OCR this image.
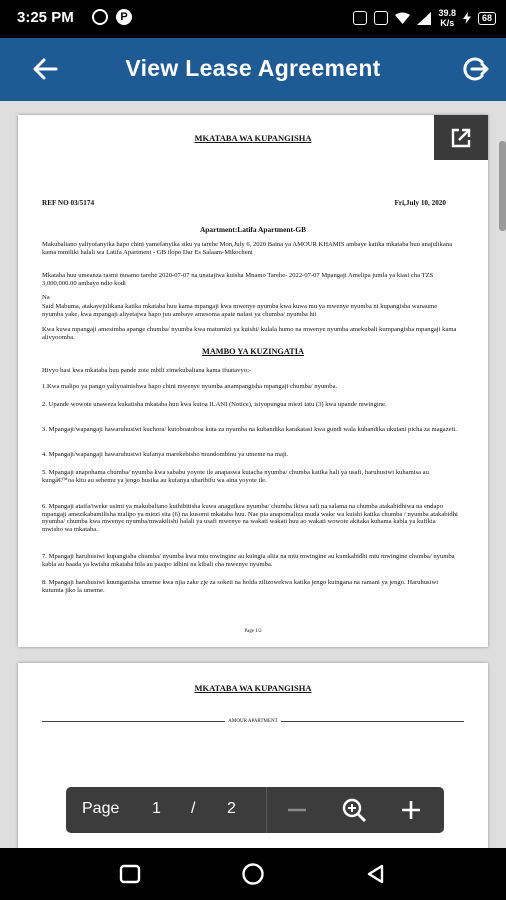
3:25 PM	P	39.8
K/s
68
View Lease Agreement
MKATABA WA KUPANGISHA
REF NO 03/5174	Fri,July 10, 2020
Apartment:Latifa Apartment-GB

Makubaliano yaliyofanyika hapo chini yamefanyika siku ya tarehe Mon,July 6, 2020 Baina ya AMOUR KHAMIS ambaye katika mkataba huu anajulikana kama mmiliki halali wa Latifa Apartment - GB ilopo Dar Es Salaam-Mikocheni

Mkataba huu umeanza rasmi mnamo tarehe 2020-07-07 na unatajiwa kuisha Mnamo Tarehe- 2022-07-07 Mpangaji Amelipa jumla ya kiasi cha TZS 3,000,000.00 ambayo ndio kodi

Na

Said Mabuma, atakayejulikana katika mkataba huu kama mpangaji kwa mwenye nyumba kwa kuwa mu ya mwenye nyumba ni kupangisha wanaume nyumba yake, kwa mpangaji aliyetajwa hapo juu ambaye amesoma apate nafasi ya chumba/ nyumba hii

Kwa kuwa mpangaji amesimba apange chumba/ nyumba kwa matumizi ya kuishi/ kulala humo na mwenye nyumba amekubali kumpangisha mpangaji kama alivyoomba.

MAMBO YA KUZINGATIA

Hivyo basi kwa mkataba huu pande zote mbili zimekubaliana kama ifuatavyo;-

1.Kwa malipo ya pango yaliyoainishwa hapo chini mwenye nyumba anampangisha mpangaji chumba/ nyumba.

2. Upande wowote unaweza kukatisha mkataba huu kwa kutoa ILANI (Notice), isiyopungua miezi tatu (3) kwa upande mwingine.

3. Mpangaji/wapangaji hawaruhusiwi kuchora/ kutoboatoboa kuta za nyumba na kubandika karakatasi kwa gundi wala kubandika ukutani picha za magazeti.

4. Mpangaji/wapangaji hawaruhusiwi kufanya marekebisho mundombinu ya umeme na maji.

5. Mpangaji anapohama chumba/ nyumba kwa sababu yoyote ile anapaswa kuiacha nyumba/ chumba katika hali ya usafi, haruhusiwi kuhamisa au kungâ€™oa kitu au sehemu ya jengo husika au kufanya uharibifu wa aina yoyote ile.

6. Mpangaji ataifa/iweke usimi ya makubaliano kuthibitisha kuwa anaguikea nyumba/ chumba ikiwa safi na salama na chumba atakabidhiwa na endapo mpangaji amezikabamilisha malipo ya miezi sita (6) na kusomi mkataba huu. Nae pia anapomaliza muda wake wa kuishi katika chumba / nyumba atakabidhi nyumba/ chumba kwa mwenye nyumba/mwakilishi halali ya usafi mwenye na wakati wakati huu ao wakati wowote akitaka kuhama kabla ya kufikia mwisho wa mkataba.

7. Mpangaji haruhusiwi kupangisha chumba/ nyumba kwa mtu mwingine au kuingia aliia na mtu mwingine au kumkabidhi mtu mwingine chumba/ nyumba kabla au baada ya kwisha mkataba bila au pasipo idhini na kibali cha mwenye nyumba.

8. Mpangaji haruhusiwi kuunganisha umeme kwa njia zake zje za soketi na holda zilizowekwa katika jengo kuingana na ramani ya jengo. Haruhusiwi kutumia jiko la umeme.

Page 1/2
MKATABA WA KUPANGISHA
AMOUR APARTMENT
Page 1 / 2
